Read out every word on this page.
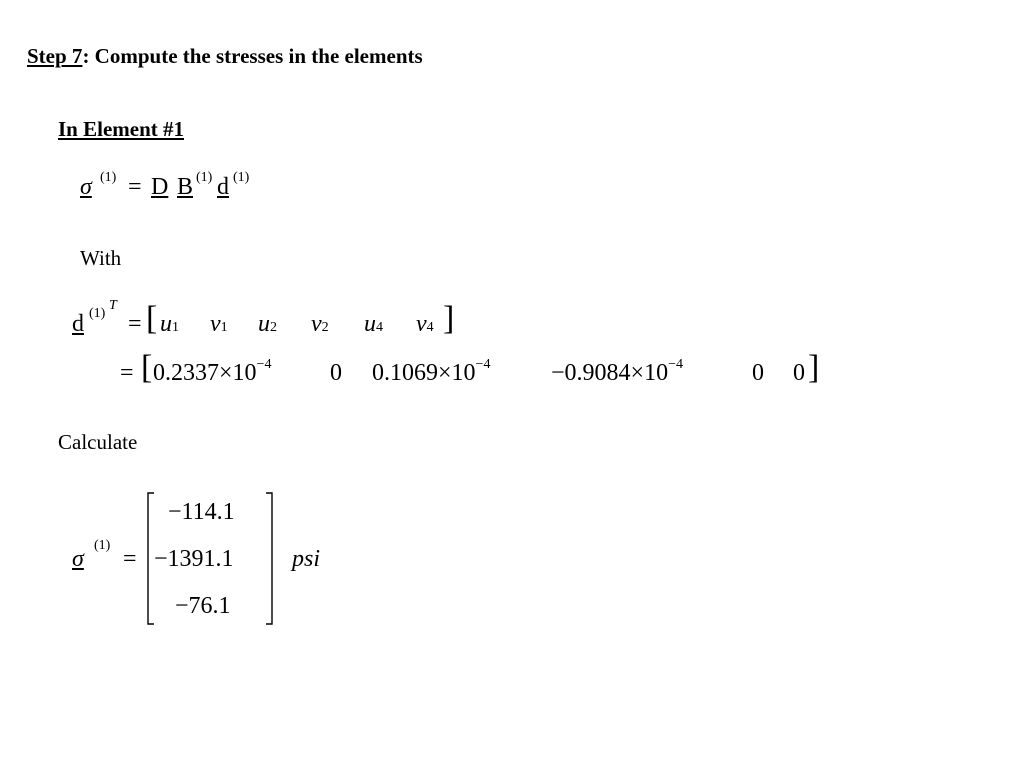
Step 7: Compute the stresses in the elements
In Element #1
σ (1) = D B (1) d (1)
With
d (1)
T
= [ u1 v1 u2 v2 u4 v4 ]
= [ $0.2337\times 10^{-4}$ 0 $0.1069\times 10^{-4}$	$-0.9084\times 10^{-4}$	0 0 ]
Calculate
σ
(1)
=
−114.1
−1391.1
−76.1
psi
